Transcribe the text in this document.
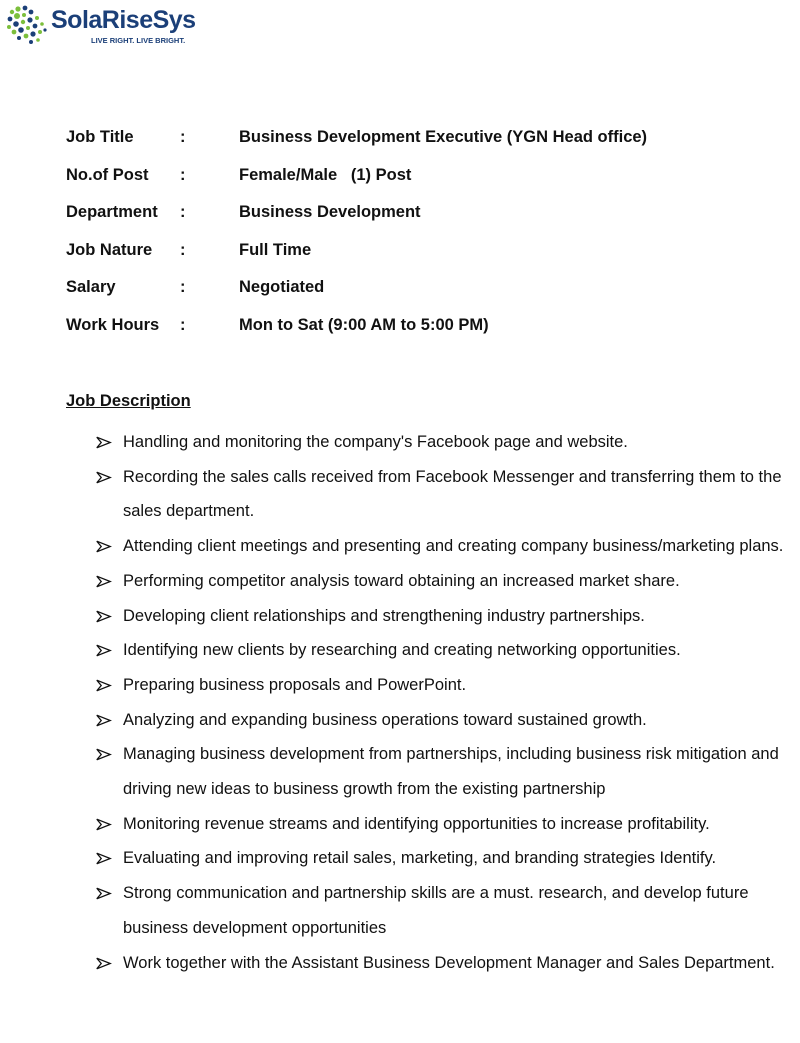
SolaRiseSys
LIVE RIGHT. LIVE BRIGHT.
Job Title	:	Business Development Executive (YGN Head office)
No.of Post :	Female/Male   (1) Post
Department :	Business Development
Job Nature :	Full Time
Salary	:	Negotiated
Work Hours :	Mon to Sat (9:00 AM to 5:00 PM)
Job Description
Handling and monitoring the company's Facebook page and website.
Recording the sales calls received from Facebook Messenger and transferring them to the sales department.
Attending client meetings and presenting and creating company business/marketing plans.
Performing competitor analysis toward obtaining an increased market share.
Developing client relationships and strengthening industry partnerships.
Identifying new clients by researching and creating networking opportunities.
Preparing business proposals and PowerPoint.
Analyzing and expanding business operations toward sustained growth.
Managing business development from partnerships, including business risk mitigation and driving new ideas to business growth from the existing partnership
Monitoring revenue streams and identifying opportunities to increase profitability.
Evaluating and improving retail sales, marketing, and branding strategies Identify.
Strong communication and partnership skills are a must. research, and develop future business development opportunities
Work together with the Assistant Business Development Manager and Sales Department.
